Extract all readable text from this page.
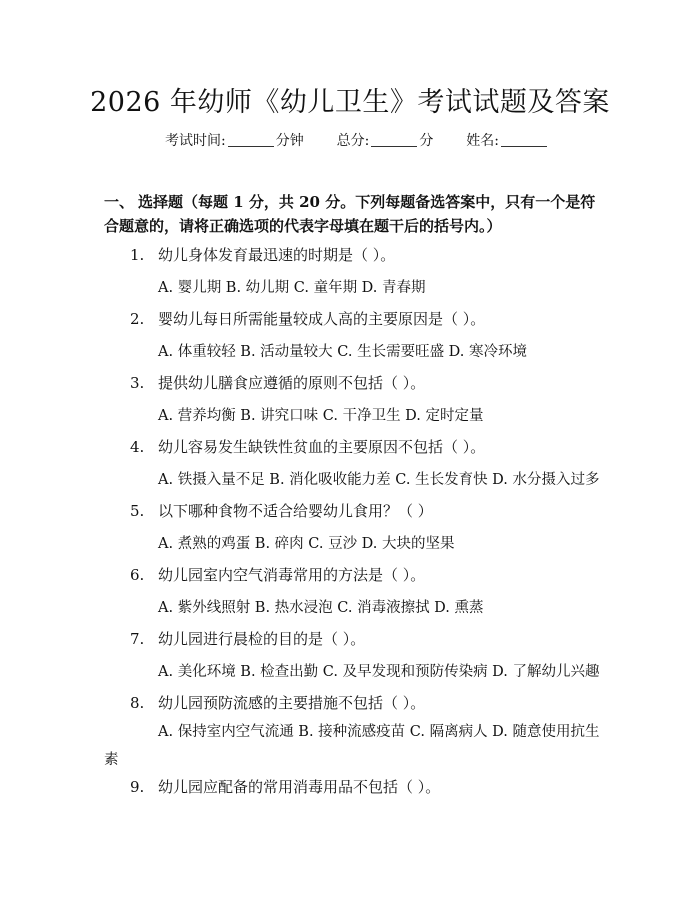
2026 年幼师《幼儿卫生》考试试题及答案
考试时间:	分钟 总分:	分 姓名:
一、 选择题（每题 1 分，共 20 分。下列每题备选答案中，只有一个是符合题意的，请将正确选项的代表字母填在题干后的括号内。）
1. 幼儿身体发育最迅速的时期是（ ）。
A. 婴儿期 B. 幼儿期 C. 童年期 D. 青春期
2. 婴幼儿每日所需能量较成人高的主要原因是（ ）。
A. 体重较轻 B. 活动量较大 C. 生长需要旺盛 D. 寒冷环境
3. 提供幼儿膳食应遵循的原则不包括（ ）。
A. 营养均衡 B. 讲究口味 C. 干净卫生 D. 定时定量
4. 幼儿容易发生缺铁性贫血的主要原因不包括（ ）。
A. 铁摄入量不足 B. 消化吸收能力差 C. 生长发育快 D. 水分摄入过多
5. 以下哪种食物不适合给婴幼儿食用？（ ）
A. 煮熟的鸡蛋 B. 碎肉 C. 豆沙 D. 大块的坚果
6. 幼儿园室内空气消毒常用的方法是（ ）。
A. 紫外线照射 B. 热水浸泡 C. 消毒液擦拭 D. 熏蒸
7. 幼儿园进行晨检的目的是（ ）。
A. 美化环境 B. 检查出勤 C. 及早发现和预防传染病 D. 了解幼儿兴趣
8. 幼儿园预防流感的主要措施不包括（ ）。
A. 保持室内空气流通 B. 接种流感疫苗 C. 隔离病人 D. 随意使用抗生素
9. 幼儿园应配备的常用消毒用品不包括（ ）。
